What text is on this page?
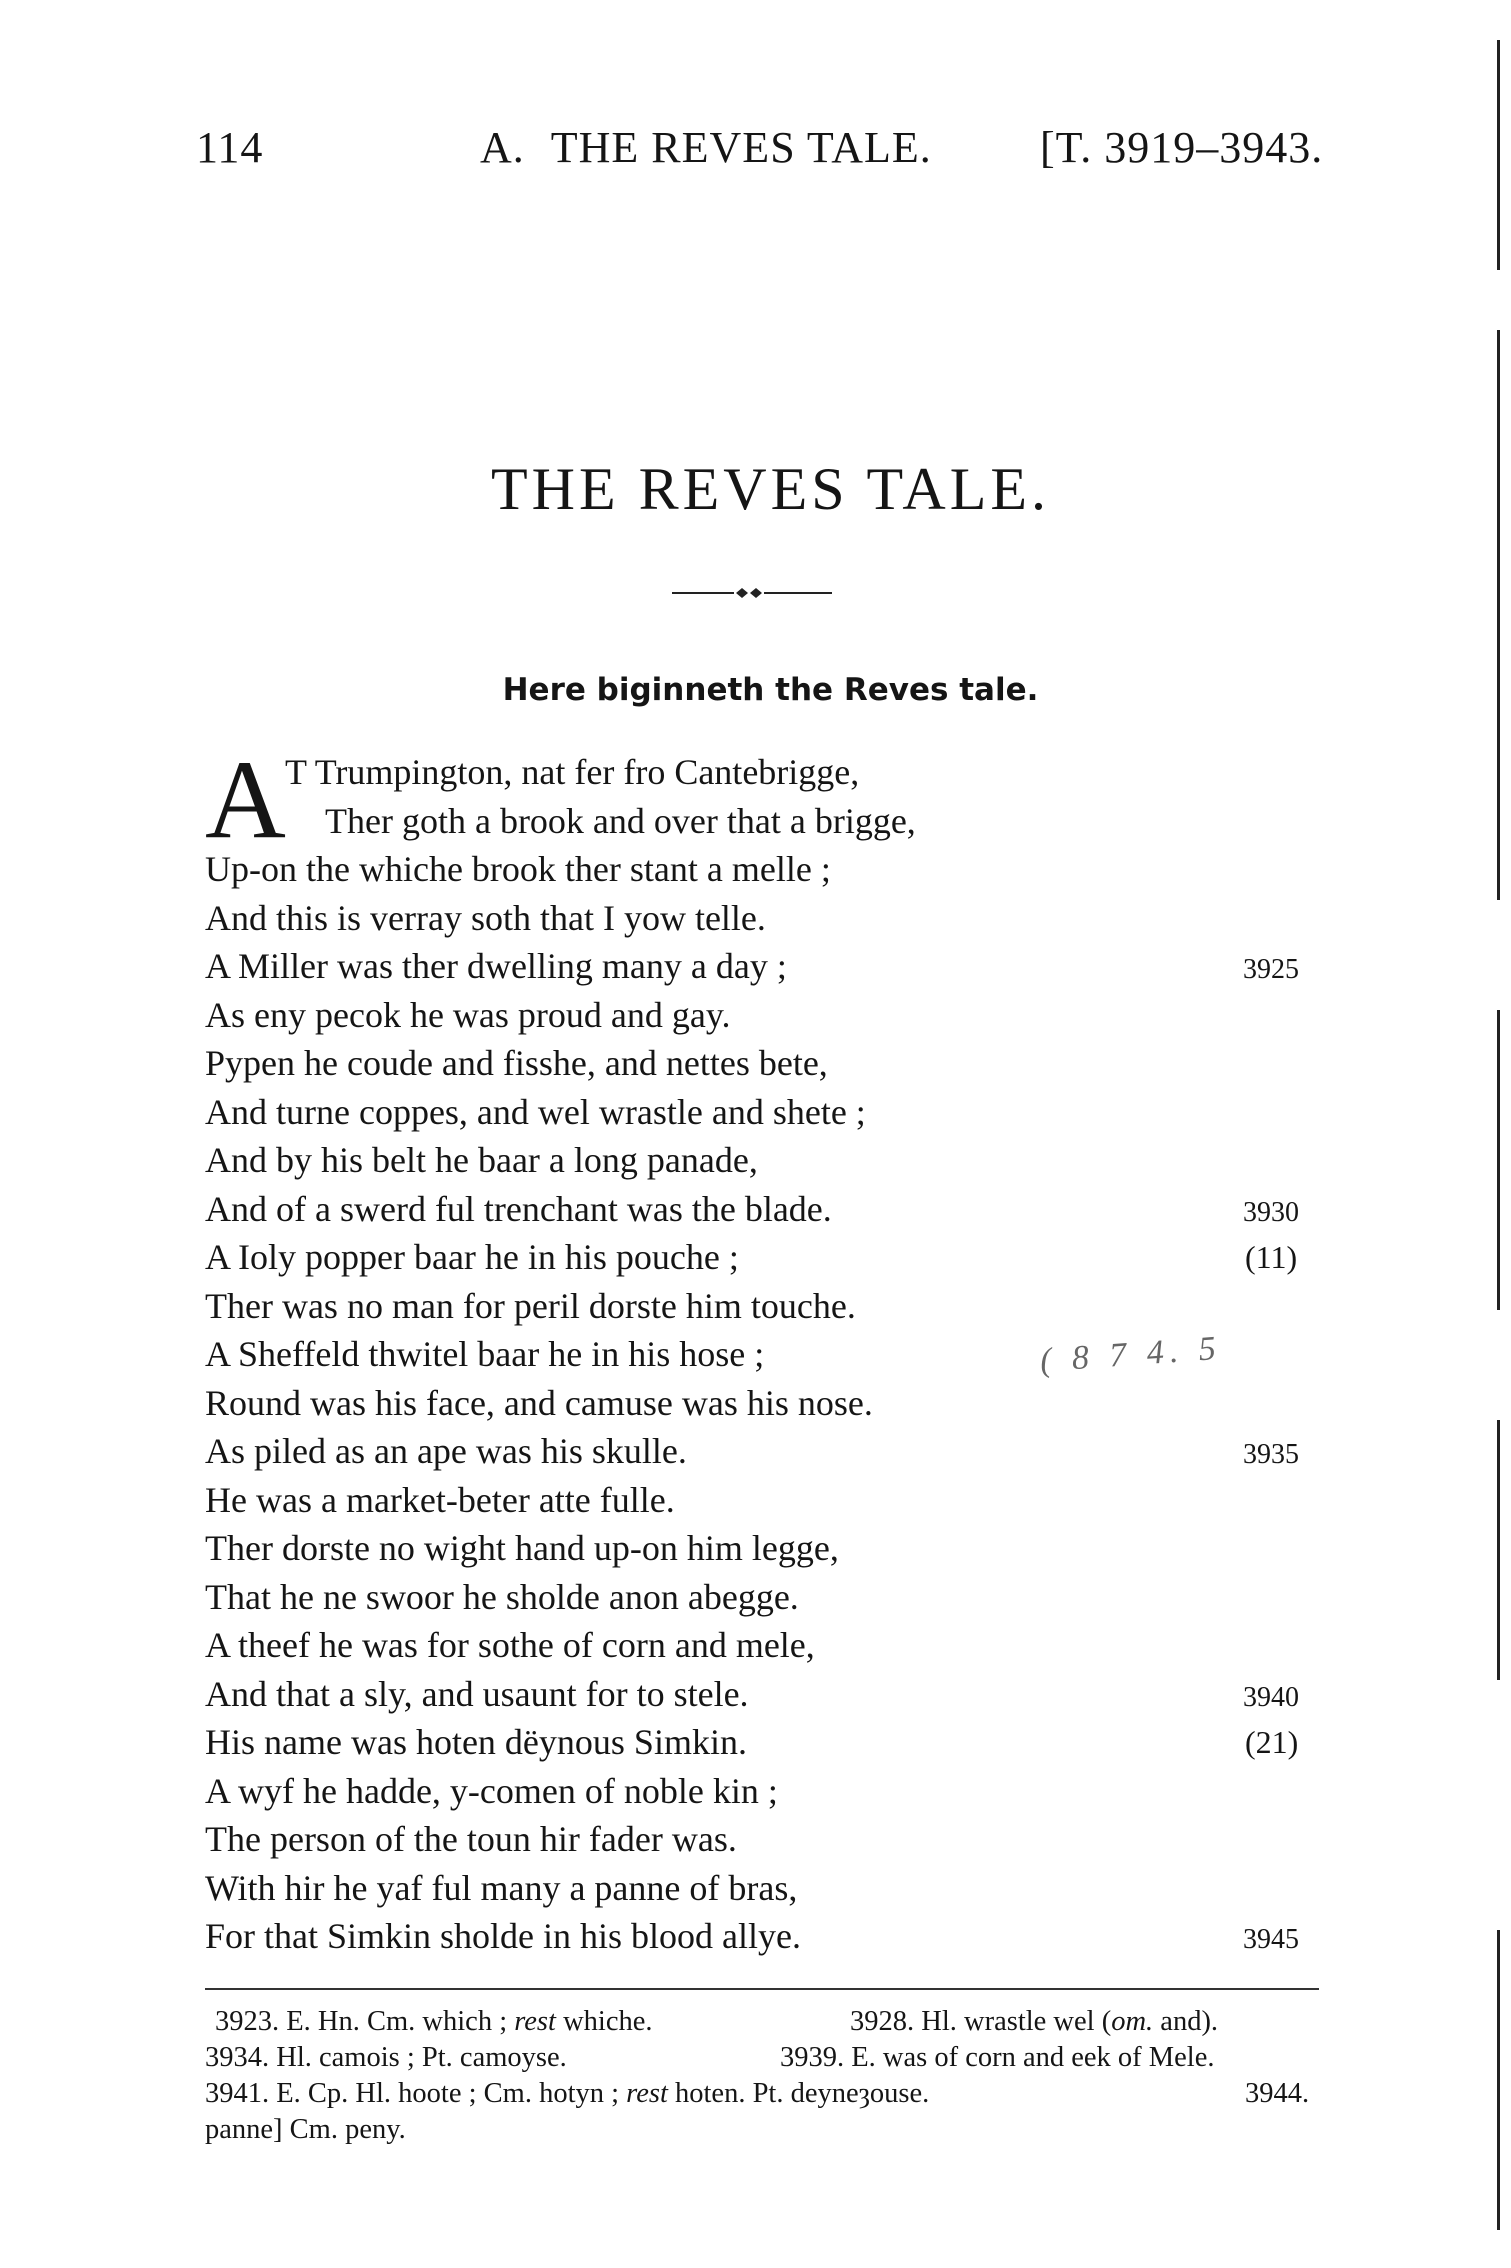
114	A. THE REVES TALE. [T. 3919–3943.
THE REVES TALE.
Here biginneth the Reves tale.
A T Trumpington, nat fer fro Cantebrigge,
Ther goth a brook and over that a brigge,
Up-on the whiche brook ther stant a melle ;
And this is verray soth that I yow telle.
A Miller was ther dwelling many a day ;	3925
As eny pecok he was proud and gay.
Pypen he coude and fisshe, and nettes bete,
And turne coppes, and wel wrastle and shete ;
And by his belt he baar a long panade,
And of a swerd ful trenchant was the blade.	3930
A Ioly popper baar he in his pouche ;	(11)
Ther was no man for peril dorste him touche.
A Sheffeld thwitel baar he in his hose ;
Round was his face, and camuse was his nose.
As piled as an ape was his skulle.	3935
He was a market-beter atte fulle.
Ther dorste no wight hand up-on him legge,
That he ne swoor he sholde anon abegge.
A theef he was for sothe of corn and mele,
And that a sly, and usaunt for to stele.	3940
His name was hoten dëynous Simkin.	(21)
A wyf he hadde, y-comen of noble kin ;
The person of the toun hir fader was.
With hir he yaf ful many a panne of bras,
For that Simkin sholde in his blood allye.	3945
( 8 7 4. 5
3923. E. Hn. Cm. which ; rest whiche.	3928. Hl. wrastle wel (om. and).
3934. Hl. camois ; Pt. camoyse.	3939. E. was of corn and eek of Mele.
3941. E. Cp. Hl. hoote ; Cm. hotyn ; rest hoten. Pt. deyneȝouse.	3944.
panne] Cm. peny.
